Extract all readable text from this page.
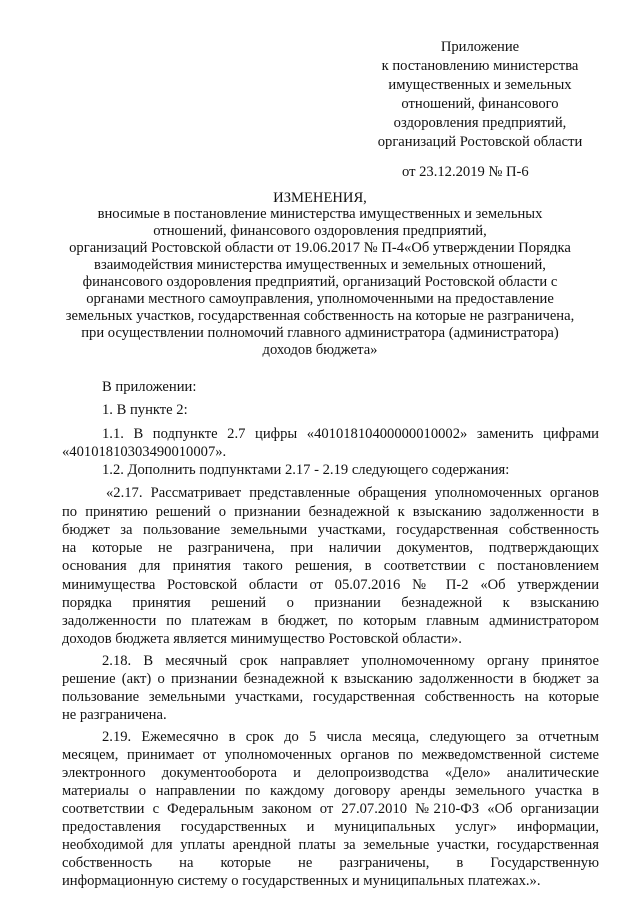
Приложение
к постановлению министерства
имущественных и земельных
отношений, финансового
оздоровления предприятий,
организаций Ростовской области
от 23.12.2019 № П-6
ИЗМЕНЕНИЯ,
вносимые в постановление министерства имущественных и земельных
отношений, финансового оздоровления предприятий,
организаций Ростовской области от 19.06.2017 № П-4«Об утверждении Порядка
взаимодействия министерства имущественных и земельных отношений,
финансового оздоровления предприятий, организаций Ростовской области с
органами местного самоуправления, уполномоченными на предоставление
земельных участков, государственная собственность на которые не разграничена,
при осуществлении полномочий главного администратора (администратора)
доходов бюджета»
В приложении:
1. В пункте 2:
1.1. В подпункте 2.7 цифры «40101810400000010002» заменить цифрами
«40101810303490010007».
1.2. Дополнить подпунктами 2.17 - 2.19 следующего содержания:
«2.17. Рассматривает представленные обращения уполномоченных органов
по принятию решений о признании безнадежной к взысканию задолженности в
бюджет за пользование земельными участками, государственная собственность
на которые не разграничена, при наличии документов, подтверждающих
основания для принятия такого решения, в соответствии с постановлением
минимущества Ростовской области от 05.07.2016 № П-2 «Об утверждении
порядка принятия решений о признании безнадежной к взысканию
задолженности по платежам в бюджет, по которым главным администратором
доходов бюджета является минимущество Ростовской области».
2.18. В месячный срок направляет уполномоченному органу принятое
решение (акт) о признании безнадежной к взысканию задолженности в бюджет за
пользование земельными участками, государственная собственность на которые
не разграничена.
2.19. Ежемесячно в срок до 5 числа месяца, следующего за отчетным
месяцем, принимает от уполномоченных органов по межведомственной системе
электронного документооборота и делопроизводства «Дело» аналитические
материалы о направлении по каждому договору аренды земельного участка в
соответствии с Федеральным законом от 27.07.2010 №210-ФЗ «Об организации
предоставления государственных и муниципальных услуг» информации,
необходимой для уплаты арендной платы за земельные участки, государственная
собственность на которые не разграничены, в Государственную
информационную систему о государственных и муниципальных платежах.».
